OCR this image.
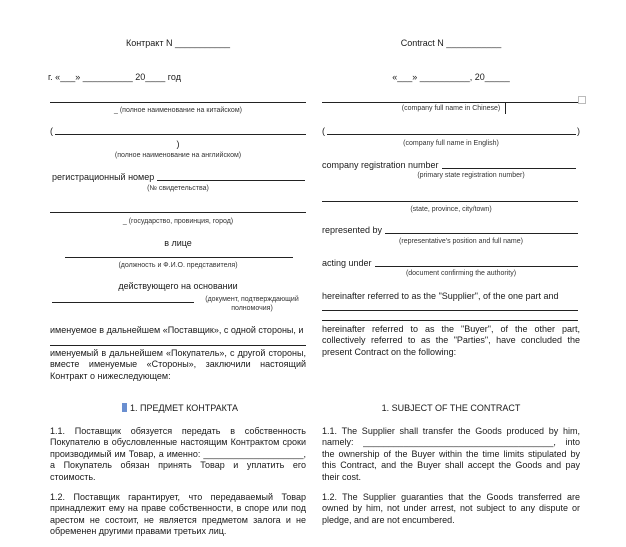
Контракт N ___________
г. «___» __________ 20____ год
_ (полное наименование на китайском)
(
)
(полное наименование на английском)
регистрационный номер
(№ свидетельства)
_ (государство, провинция, город)
в лице
(должность и Ф.И.О. представителя)
действующего на основании
(документ, подтверждающий полномочия)
именуемое в дальнейшем «Поставщик», с одной стороны, и
именуемый в дальнейшем «Покупатель», с другой стороны, вместе именуемые «Стороны», заключили настоящий Контракт о нижеследующем:
1. ПРЕДМЕТ КОНТРАКТА
1.1. Поставщик обязуется передать в собственность Покупателю в обусловленные настоящим Контрактом сроки производимый им Товар, а именно: ____________________, а Покупатель обязан принять Товар и уплатить его стоимость.
1.2. Поставщик гарантирует, что передаваемый Товар принадлежит ему на праве собственности, в споре или под арестом не состоит, не является предметом залога и не обременен другими правами третьих лиц.
Contract N ___________
«___» __________, 20_____
(company full name in Chinese)
(	)
(company full name in English)
company registration number
(primary state registration number)
(state, province, city/town)
represented by
(representative's position and full name)
acting under
(document confirming the authority)
hereinafter referred to as the "Supplier", of the one part and
hereinafter referred to as the "Buyer", of the other part, collectively referred to as the "Parties", have concluded the present Contract on the following:
1. SUBJECT OF THE CONTRACT
1.1. The Supplier shall transfer the Goods produced by him, namely: ______________________________________, into the ownership of the Buyer within the time limits stipulated by this Contract, and the Buyer shall accept the Goods and pay their cost.
1.2. The Supplier guaranties that the Goods transferred are owned by him, not under arrest, not subject to any dispute or pledge, and are not encumbered.
